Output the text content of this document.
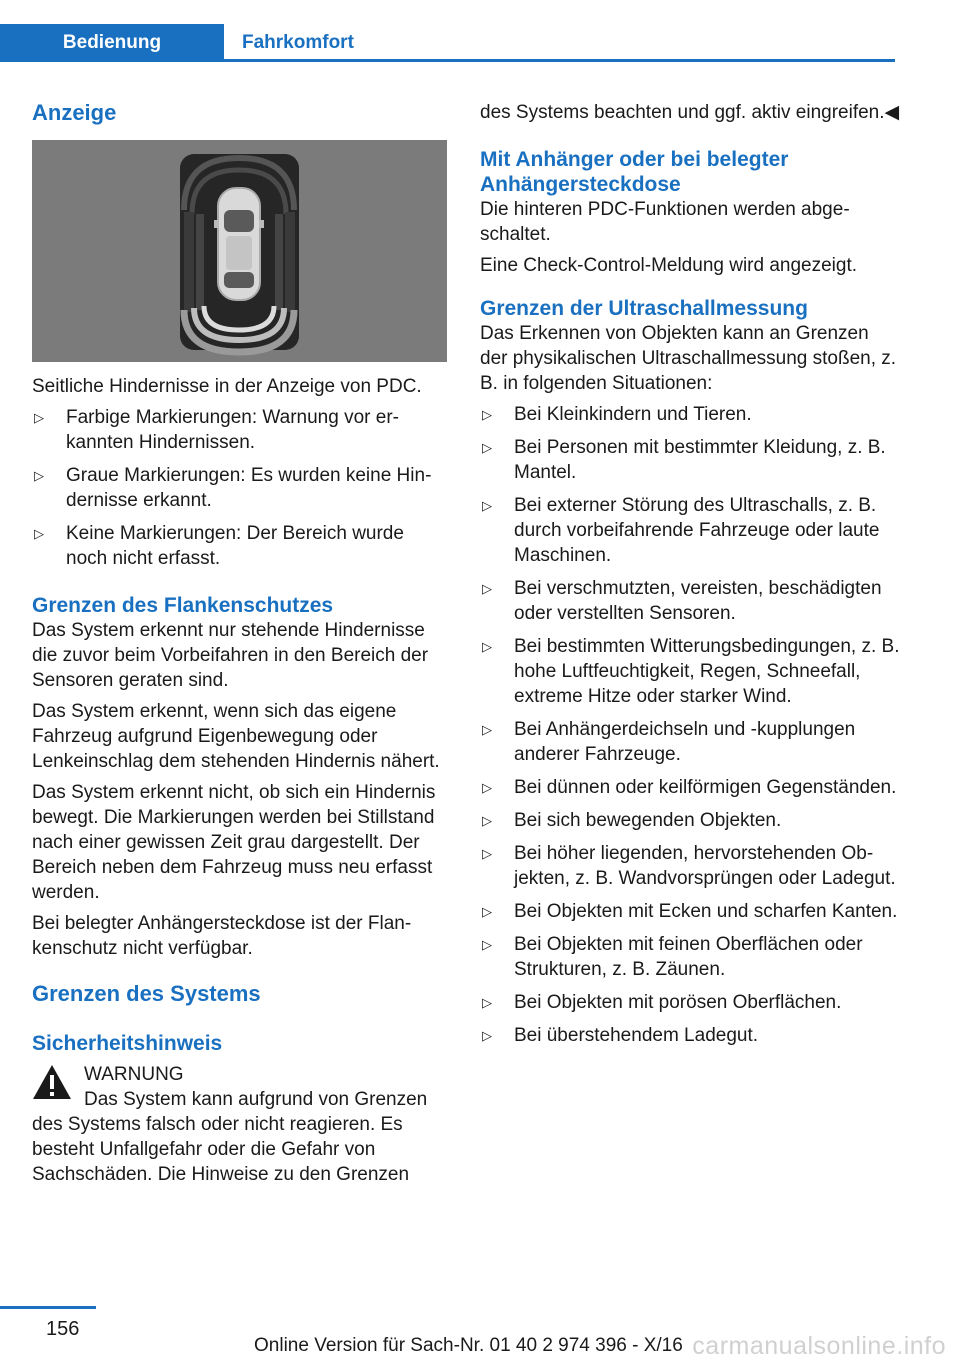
Bedienung	Fahrkomfort
Anzeige

Seitliche Hindernisse in der Anzeige von PDC.

▷ Farbige Markierungen: Warnung vor erkannten Hindernissen.
▷ Graue Markierungen: Es wurden keine Hindernisse erkannt.
▷ Keine Markierungen: Der Bereich wurde noch nicht erfasst.
Grenzen des Flankenschutzes

Das System erkennt nur stehende Hindernisse die zuvor beim Vorbeifahren in den Bereich der Sensoren geraten sind.

Das System erkennt, wenn sich das eigene Fahrzeug aufgrund Eigenbewegung oder Lenkeinschlag dem stehenden Hindernis nähert.

Das System erkennt nicht, ob sich ein Hindernis bewegt. Die Markierungen werden bei Stillstand nach einer gewissen Zeit grau dargestellt. Der Bereich neben dem Fahrzeug muss neu erfasst werden.

Bei belegter Anhängersteckdose ist der Flankenschutz nicht verfügbar.

Grenzen des Systems
Sicherheitshinweis

WARNUNG

Das System kann aufgrund von Grenzen des Systems falsch oder nicht reagieren. Es besteht Unfallgefahr oder die Gefahr von Sachschäden. Die Hinweise zu den Grenzen

des Systems beachten und ggf. aktiv eingreifen.◀

Mit Anhänger oder bei belegter Anhängersteckdose

Die hinteren PDC-Funktionen werden abgeschaltet.

Eine Check-Control-Meldung wird angezeigt.

Grenzen der Ultraschallmessung

Das Erkennen von Objekten kann an Grenzen der physikalischen Ultraschallmessung stoßen, z. B. in folgenden Situationen:

▷ Bei Kleinkindern und Tieren.
▷ Bei Personen mit bestimmter Kleidung, z. B. Mantel.
▷ Bei externer Störung des Ultraschalls, z. B. durch vorbeifahrende Fahrzeuge oder laute Maschinen.
▷ Bei verschmutzten, vereisten, beschädigten oder verstellten Sensoren.
▷ Bei bestimmten Witterungsbedingungen, z. B. hohe Luftfeuchtigkeit, Regen, Schneefall, extreme Hitze oder starker Wind.
▷ Bei Anhängerdeichseln und -kupplungen anderer Fahrzeuge.
▷ Bei dünnen oder keilförmigen Gegenständen.
▷ Bei sich bewegenden Objekten.
▷ Bei höher liegenden, hervorstehenden Objekten, z. B. Wandvorsprüngen oder Ladegut.
▷ Bei Objekten mit Ecken und scharfen Kanten.
▷ Bei Objekten mit feinen Oberflächen oder Strukturen, z. B. Zäunen.
▷ Bei Objekten mit porösen Oberflächen.
▷ Bei überstehendem Ladegut.
156
Online Version für Sach-Nr. 01 40 2 974 396 - X/16 carmanualsonline.info
